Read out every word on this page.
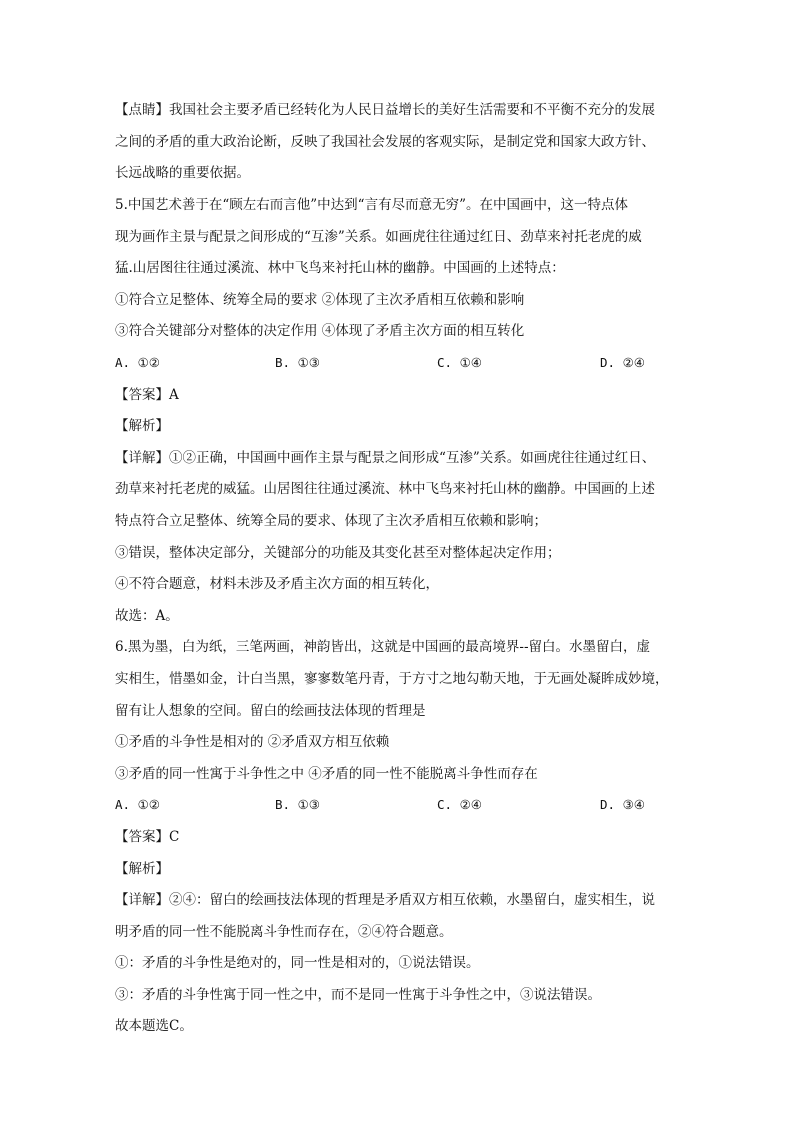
【点睛】我国社会主要矛盾已经转化为人民日益增长的美好生活需要和不平衡不充分的发展
之间的矛盾的重大政治论断，反映了我国社会发展的客观实际，是制定党和国家大政方针、
长远战略的重要依据。
5.中国艺术善于在“顾左右而言他”中达到“言有尽而意无穷”。在中国画中，这一特点体
现为画作主景与配景之间形成的“互渗”关系。如画虎往往通过红日、劲草来衬托老虎的威
猛.山居图往往通过溪流、林中飞鸟来衬托山林的幽静。中国画的上述特点：
①符合立足整体、统筹全局的要求 ②体现了主次矛盾相互依赖和影响
③符合关键部分对整体的决定作用 ④体现了矛盾主次方面的相互转化
A. ①②	B. ①③	C. ①④	D. ②④
【答案】A
【解析】
【详解】①②正确，中国画中画作主景与配景之间形成“互渗”关系。如画虎往往通过红日、
劲草来衬托老虎的威猛。山居图往往通过溪流、林中飞鸟来衬托山林的幽静。中国画的上述
特点符合立足整体、统筹全局的要求、体现了主次矛盾相互依赖和影响；
③错误，整体决定部分，关键部分的功能及其变化甚至对整体起决定作用；
④不符合题意，材料未涉及矛盾主次方面的相互转化，
故选：A。
6.黑为墨，白为纸，三笔两画，神韵皆出，这就是中国画的最高境界--留白。水墨留白，虚
实相生，惜墨如金，计白当黑，寥寥数笔丹青，于方寸之地勾勒天地，于无画处凝眸成妙境，
留有让人想象的空间。留白的绘画技法体现的哲理是
①矛盾的斗争性是相对的 ②矛盾双方相互依赖
③矛盾的同一性寓于斗争性之中 ④矛盾的同一性不能脱离斗争性而存在
A. ①②	B. ①③	C. ②④	D. ③④
【答案】C
【解析】
【详解】②④：留白的绘画技法体现的哲理是矛盾双方相互依赖，水墨留白，虚实相生，说
明矛盾的同一性不能脱离斗争性而存在，②④符合题意。
①：矛盾的斗争性是绝对的，同一性是相对的，①说法错误。
③：矛盾的斗争性寓于同一性之中，而不是同一性寓于斗争性之中，③说法错误。
故本题选C。
